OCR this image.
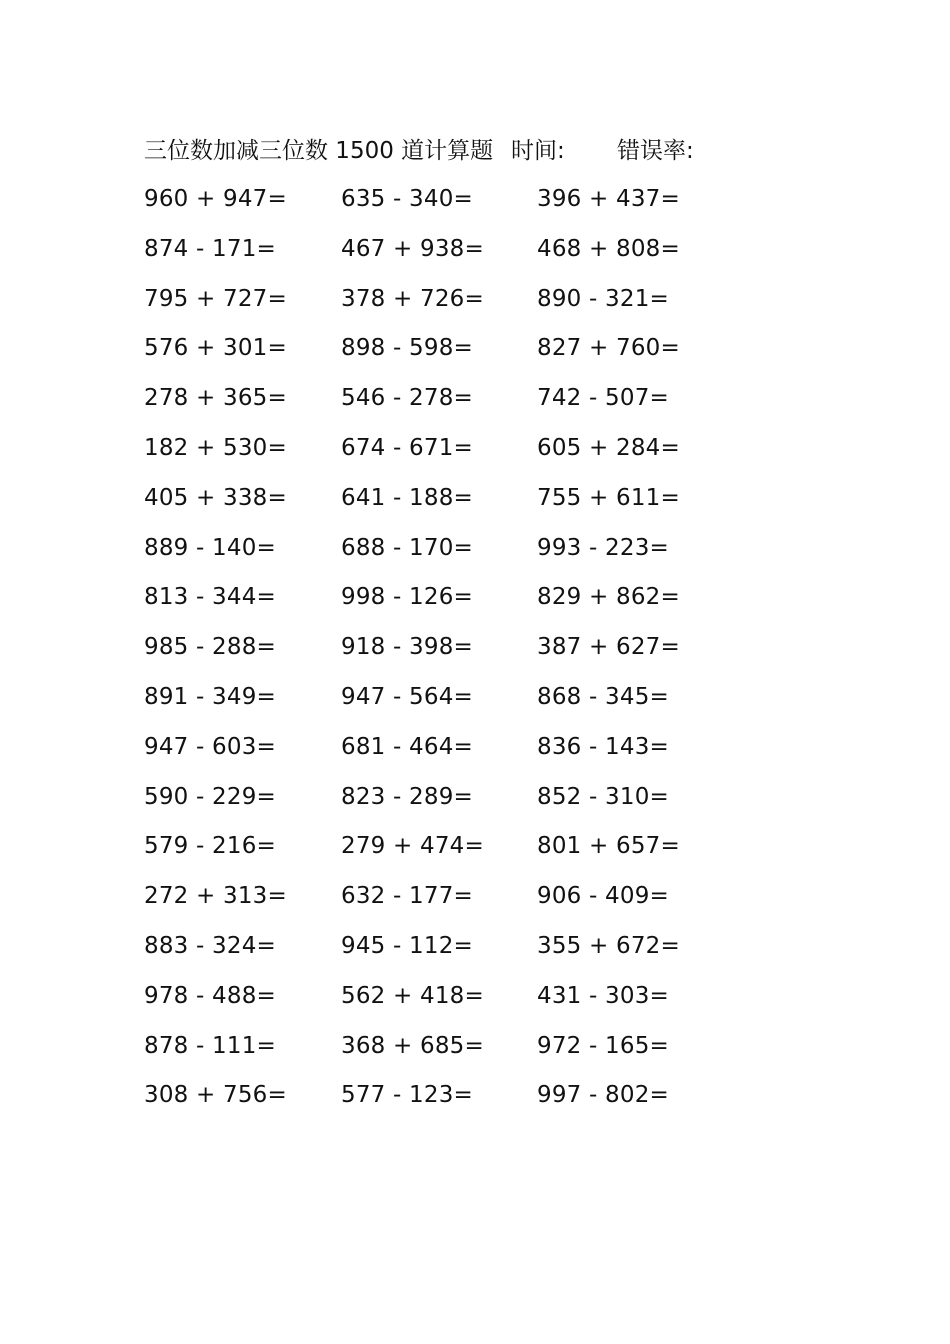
三位数加减三位数 1500 道计算题 时间: 错误率:
960 + 947= 635 - 340=	396 + 437=
874 - 171=	467 + 938= 468 + 808=
795 + 727= 378 + 726= 890 - 321=
576 + 301= 898 - 598=	827 + 760=
278 + 365= 546 - 278=	742 - 507=
182 + 530= 674 - 671=	605 + 284=
405 + 338= 641 - 188=	755 + 611=
889 - 140=	688 - 170=	993 - 223=
813 - 344=	998 - 126=	829 + 862=
985 - 288=	918 - 398=	387 + 627=
891 - 349=	947 - 564=	868 - 345=
947 - 603=	681 - 464=	836 - 143=
590 - 229=	823 - 289=	852 - 310=
579 - 216=	279 + 474= 801 + 657=
272 + 313= 632 - 177=	906 - 409=
883 - 324=	945 - 112=	355 + 672=
978 - 488=	562 + 418= 431 - 303=
878 - 111=	368 + 685= 972 - 165=
308 + 756= 577 - 123=	997 - 802=
